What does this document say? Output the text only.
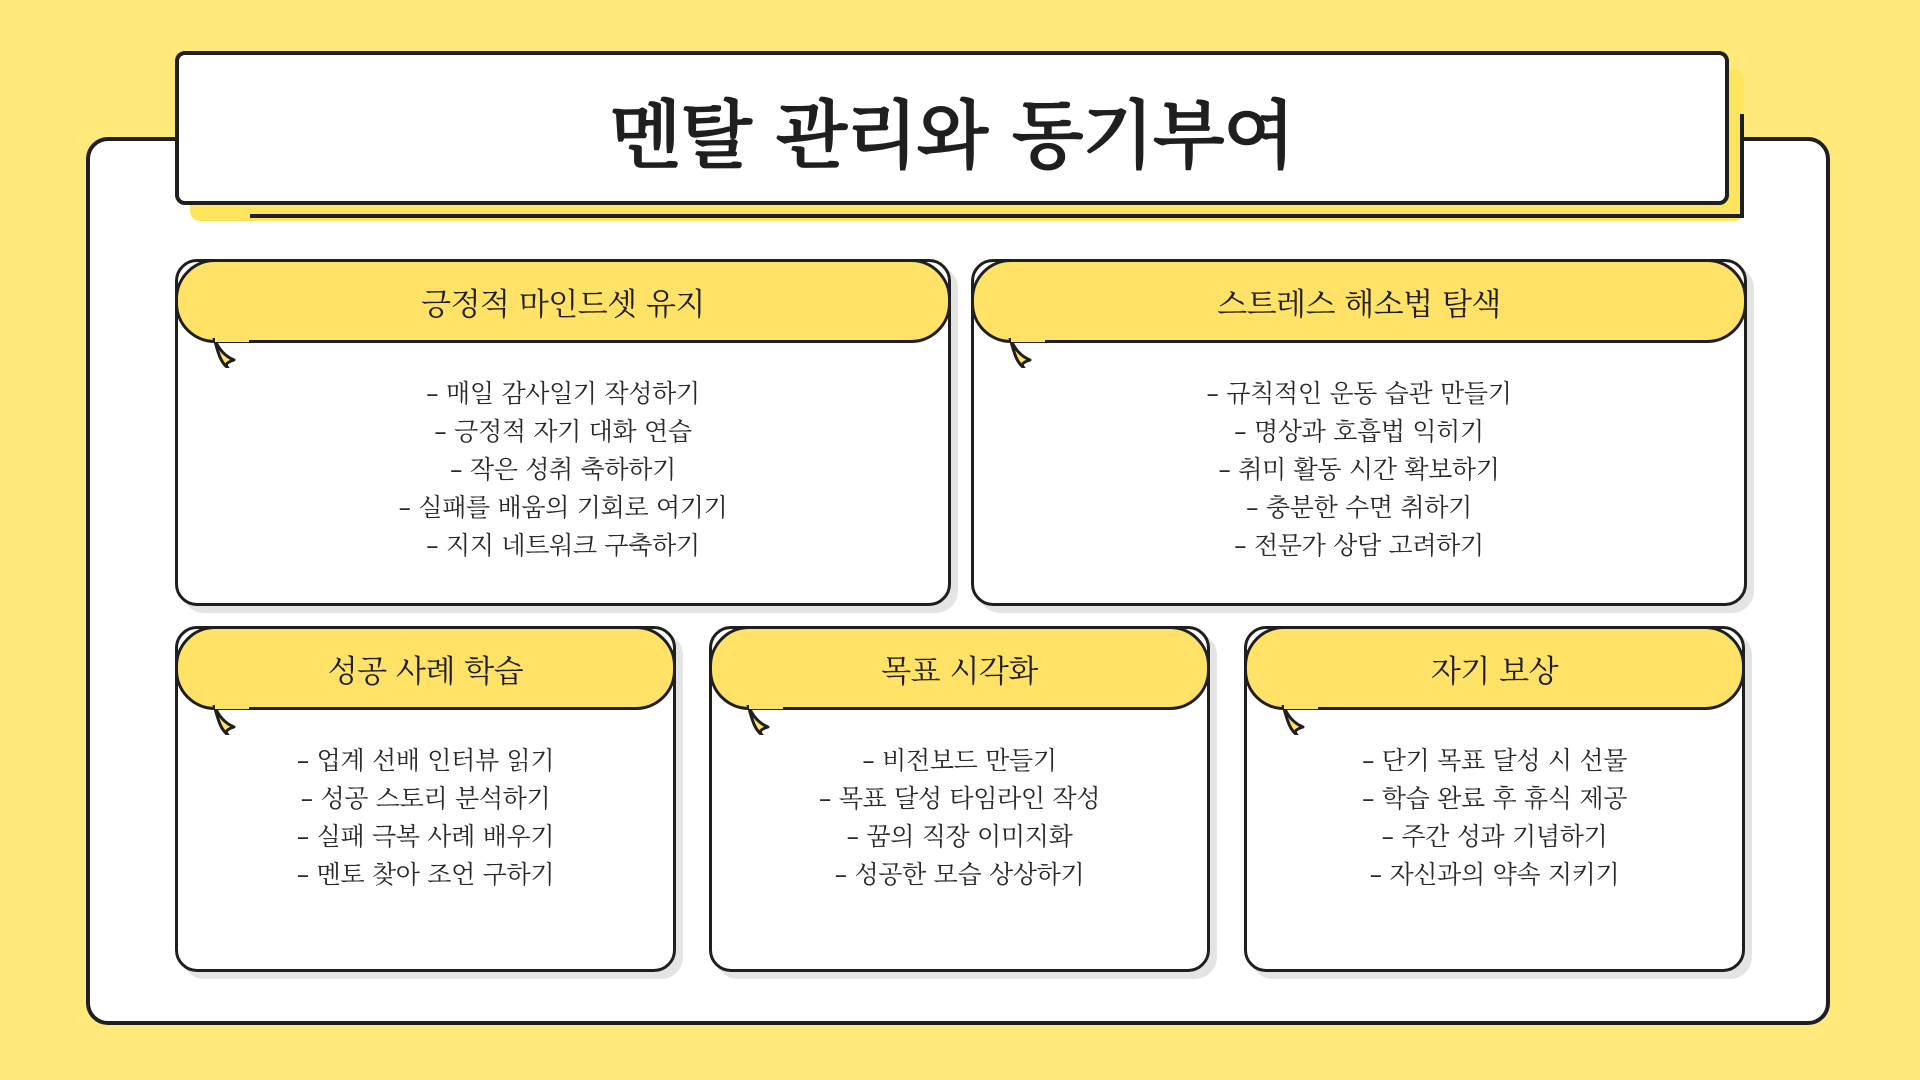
멘탈 관리와 동기부여
긍정적 마인드셋 유지
– 매일 감사일기 작성하기
– 긍정적 자기 대화 연습
– 작은 성취 축하하기
– 실패를 배움의 기회로 여기기
– 지지 네트워크 구축하기
스트레스 해소법 탐색
– 규칙적인 운동 습관 만들기
– 명상과 호흡법 익히기
– 취미 활동 시간 확보하기
– 충분한 수면 취하기
– 전문가 상담 고려하기
성공 사례 학습
– 업계 선배 인터뷰 읽기
– 성공 스토리 분석하기
– 실패 극복 사례 배우기
– 멘토 찾아 조언 구하기
목표 시각화
– 비전보드 만들기
– 목표 달성 타임라인 작성
– 꿈의 직장 이미지화
– 성공한 모습 상상하기
자기 보상
– 단기 목표 달성 시 선물
– 학습 완료 후 휴식 제공
– 주간 성과 기념하기
– 자신과의 약속 지키기
